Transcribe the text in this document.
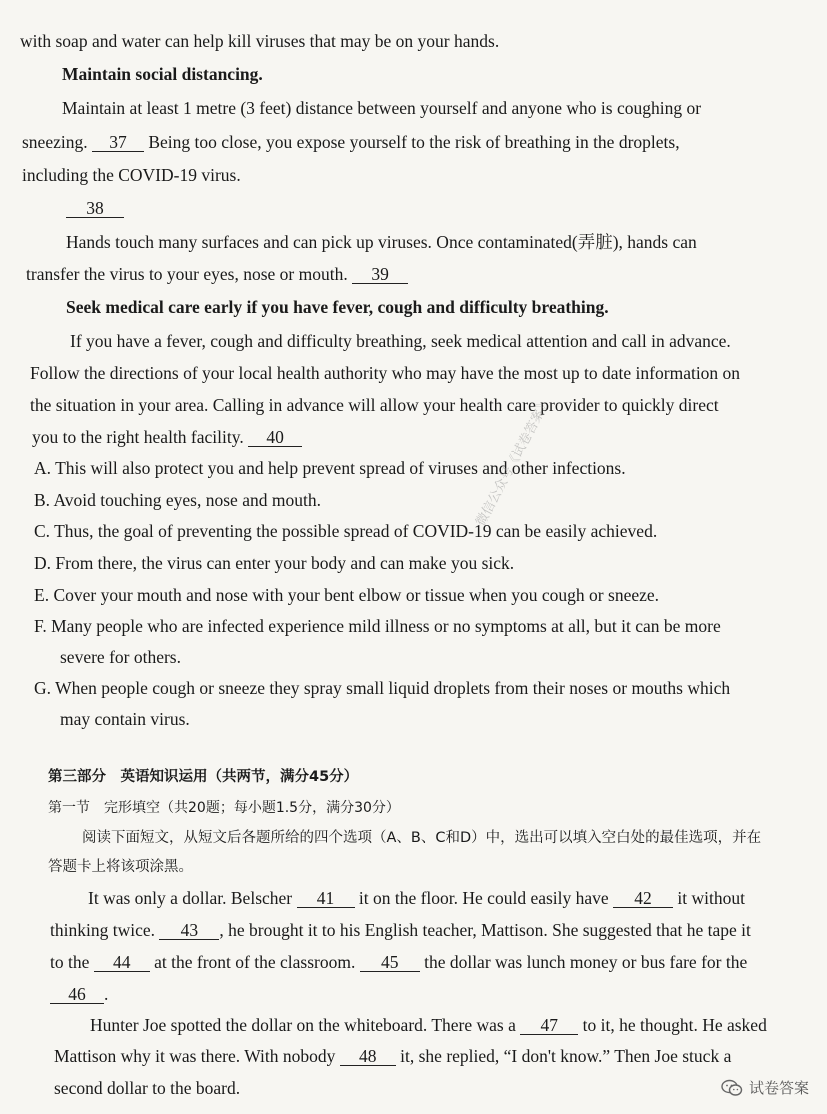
with soap and water can help kill viruses that may be on your hands.
Maintain social distancing.
Maintain at least 1 metre (3 feet) distance between yourself and anyone who is coughing or
sneezing. 37 Being too close, you expose yourself to the risk of breathing in the droplets,
including the COVID-19 virus.
38
Hands touch many surfaces and can pick up viruses. Once contaminated(弄脏), hands can
transfer the virus to your eyes, nose or mouth. 39
Seek medical care early if you have fever, cough and difficulty breathing.
If you have a fever, cough and difficulty breathing, seek medical attention and call in advance.
Follow the directions of your local health authority who may have the most up to date information on
the situation in your area. Calling in advance will allow your health care provider to quickly direct
you to the right health facility. 40
A. This will also protect you and help prevent spread of viruses and other infections.
B. Avoid touching eyes, nose and mouth.
C. Thus, the goal of preventing the possible spread of COVID-19 can be easily achieved.
D. From there, the virus can enter your body and can make you sick.
E. Cover your mouth and nose with your bent elbow or tissue when you cough or sneeze.
F. Many people who are infected experience mild illness or no symptoms at all, but it can be more
severe for others.
G. When people cough or sneeze they spray small liquid droplets from their noses or mouths which
may contain virus.
第三部分　英语知识运用（共两节，满分45分）
第一节　完形填空（共20题；每小题1.5分，满分30分）
阅读下面短文，从短文后各题所给的四个选项（A、B、C和D）中，选出可以填入空白处的最佳选项，并在
答题卡上将该项涂黑。
It was only a dollar. Belscher 41 it on the floor. He could easily have 42 it without
thinking twice. 43 , he brought it to his English teacher, Mattison. She suggested that he tape it
to the 44 at the front of the classroom. 45 the dollar was lunch money or bus fare for the
46 .
Hunter Joe spotted the dollar on the whiteboard. There was a 47 to it, he thought. He asked
Mattison why it was there. With nobody 48 it, she replied, “I don't know.” Then Joe stuck a
second dollar to the board.
微信公众号《试卷答案》
试卷答案
